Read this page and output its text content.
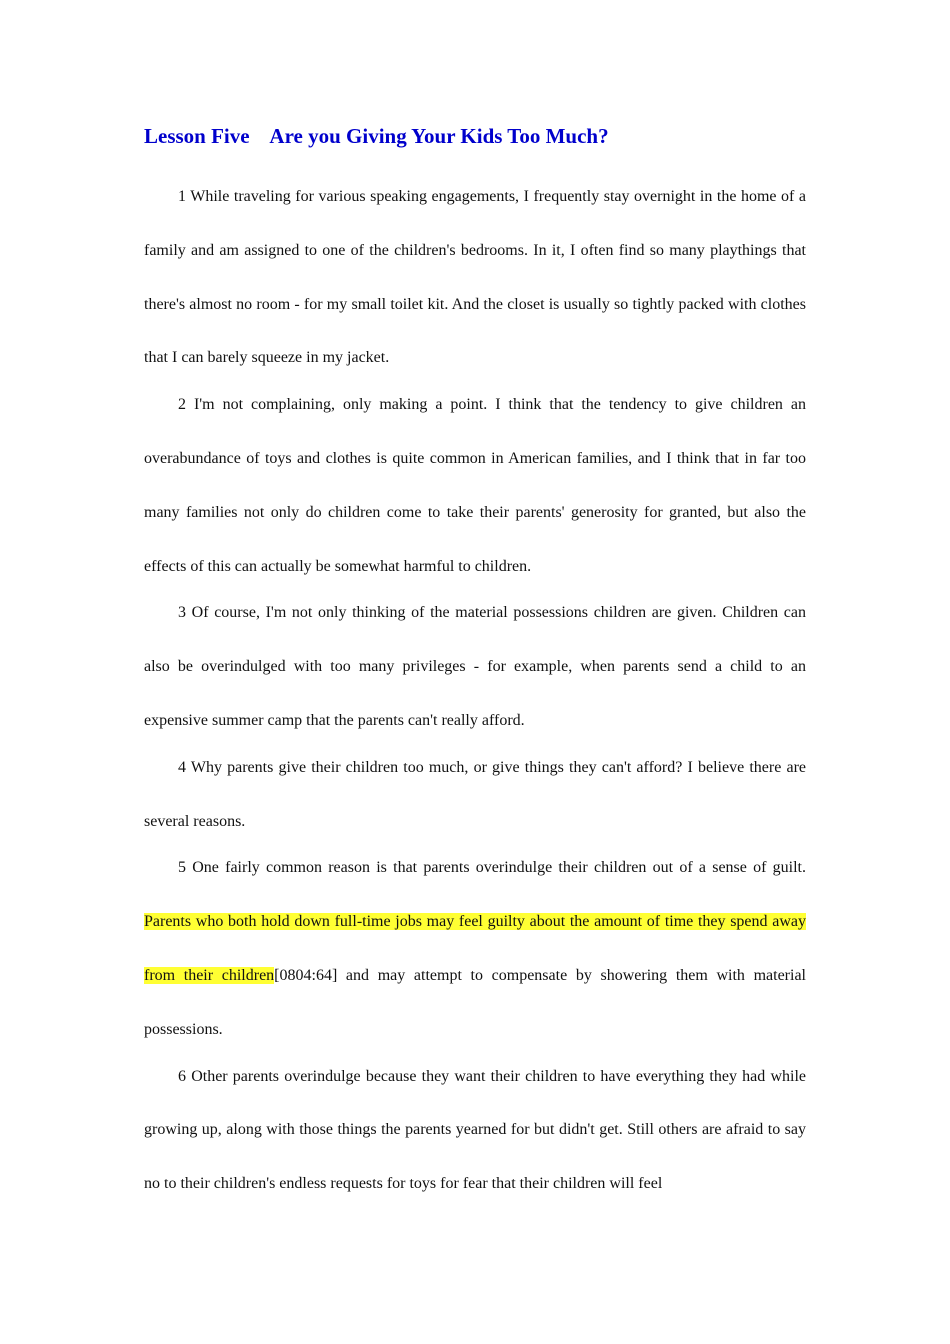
Lesson Five    Are you Giving Your Kids Too Much?

1 While traveling for various speaking engagements, I frequently stay overnight in the home of a family and am assigned to one of the children's bedrooms. In it, I often find so many playthings that there's almost no room - for my small toilet kit. And the closet is usually so tightly packed with clothes that I can barely squeeze in my jacket.

2 I'm not complaining, only making a point. I think that the tendency to give children an overabundance of toys and clothes is quite common in American families, and I think that in far too many families not only do children come to take their parents' generosity for granted, but also the effects of this can actually be somewhat harmful to children.

3 Of course, I'm not only thinking of the material possessions children are given. Children can also be overindulged with too many privileges - for example, when parents send a child to an expensive summer camp that the parents can't really afford.

4 Why parents give their children too much, or give things they can't afford? I believe there are several reasons.

5 One fairly common reason is that parents overindulge their children out of a sense of guilt. Parents who both hold down full-time jobs may feel guilty about the amount of time they spend away from their children[0804:64] and may attempt to compensate by showering them with material possessions.

6 Other parents overindulge because they want their children to have everything they had while growing up, along with those things the parents yearned for but didn't get. Still others are afraid to say no to their children's endless requests for toys for fear that their children will feel
